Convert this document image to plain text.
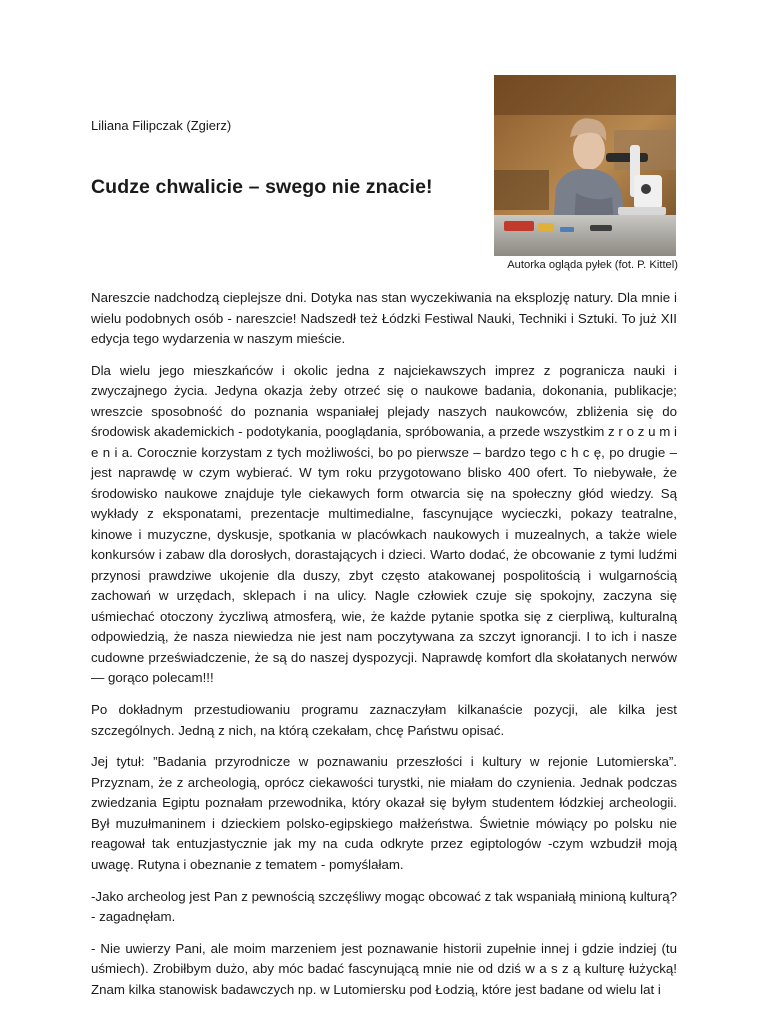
Liliana Filipczak (Zgierz)

Cudze chwalicie – swego nie znacie!

Autorka ogląda pyłek (fot. P. Kittel)

Nareszcie nadchodzą cieplejsze dni. Dotyka nas stan wyczekiwania na eksplozję natury. Dla mnie i wielu podobnych osób - nareszcie! Nadszedł też Łódzki Festiwal Nauki, Techniki i Sztuki. To już XII edycja tego wydarzenia w naszym mieście.

Dla wielu jego mieszkańców i okolic jedna z najciekawszych imprez z pogranicza nauki i zwyczajnego życia. Jedyna okazja żeby otrzeć się o naukowe badania, dokonania, publikacje; wreszcie sposobność do poznania wspaniałej plejady naszych naukowców, zbliżenia się do środowisk akademickich - podotykania, pooglądania, spróbowania, a przede wszystkim z r o z u m i e n i a. Corocznie korzystam z tych możliwości, bo po pierwsze – bardzo tego c h c ę, po drugie – jest naprawdę w czym wybierać. W tym roku przygotowano blisko 400 ofert. To niebywałe, że środowisko naukowe znajduje tyle ciekawych form otwarcia się na społeczny głód wiedzy. Są wykłady z eksponatami, prezentacje multimedialne, fascynujące wycieczki, pokazy teatralne, kinowe i muzyczne, dyskusje, spotkania w placówkach naukowych i muzealnych, a także wiele konkursów i zabaw dla dorosłych, dorastających i dzieci. Warto dodać, że obcowanie z tymi ludźmi przynosi prawdziwe ukojenie dla duszy, zbyt często atakowanej pospolitością i wulgarnością zachowań w urzędach, sklepach i na ulicy. Nagle człowiek czuje się spokojny, zaczyna się uśmiechać otoczony życzliwą atmosferą, wie, że każde pytanie spotka się z cierpliwą, kulturalną odpowiedzią, że nasza niewiedza nie jest nam poczytywana za szczyt ignorancji. I to ich i nasze cudowne przeświadczenie, że są do naszej dyspozycji. Naprawdę komfort dla skołatanych nerwów — gorąco polecam!!!

Po dokładnym przestudiowaniu programu zaznaczyłam kilkanaście pozycji, ale kilka jest szczególnych. Jedną z nich, na którą czekałam, chcę Państwu opisać.

Jej tytuł: ”Badania przyrodnicze w poznawaniu przeszłości i kultury w rejonie Lutomierska”. Przyznam, że z archeologią, oprócz ciekawości turystki, nie miałam do czynienia. Jednak podczas zwiedzania Egiptu poznałam przewodnika, który okazał się byłym studentem łódzkiej archeologii. Był muzułmaninem i dzieckiem polsko-egipskiego małżeństwa. Świetnie mówiący po polsku nie reagował tak entuzjastycznie jak my na cuda odkryte przez egiptologów -czym wzbudził moją uwagę. Rutyna i obeznanie z tematem - pomyślałam.

-Jako archeolog jest Pan z pewnością szczęśliwy mogąc obcować z tak wspaniałą minioną kulturą? - zagadnęłam.

- Nie uwierzy Pani, ale moim marzeniem jest poznawanie historii zupełnie innej i gdzie indziej (tu uśmiech). Zrobiłbym dużo, aby móc badać fascynującą mnie nie od dziś w a s z ą kulturę łużycką! Znam kilka stanowisk badawczych np. w Lutomiersku pod Łodzią, które jest badane od wielu lat i
